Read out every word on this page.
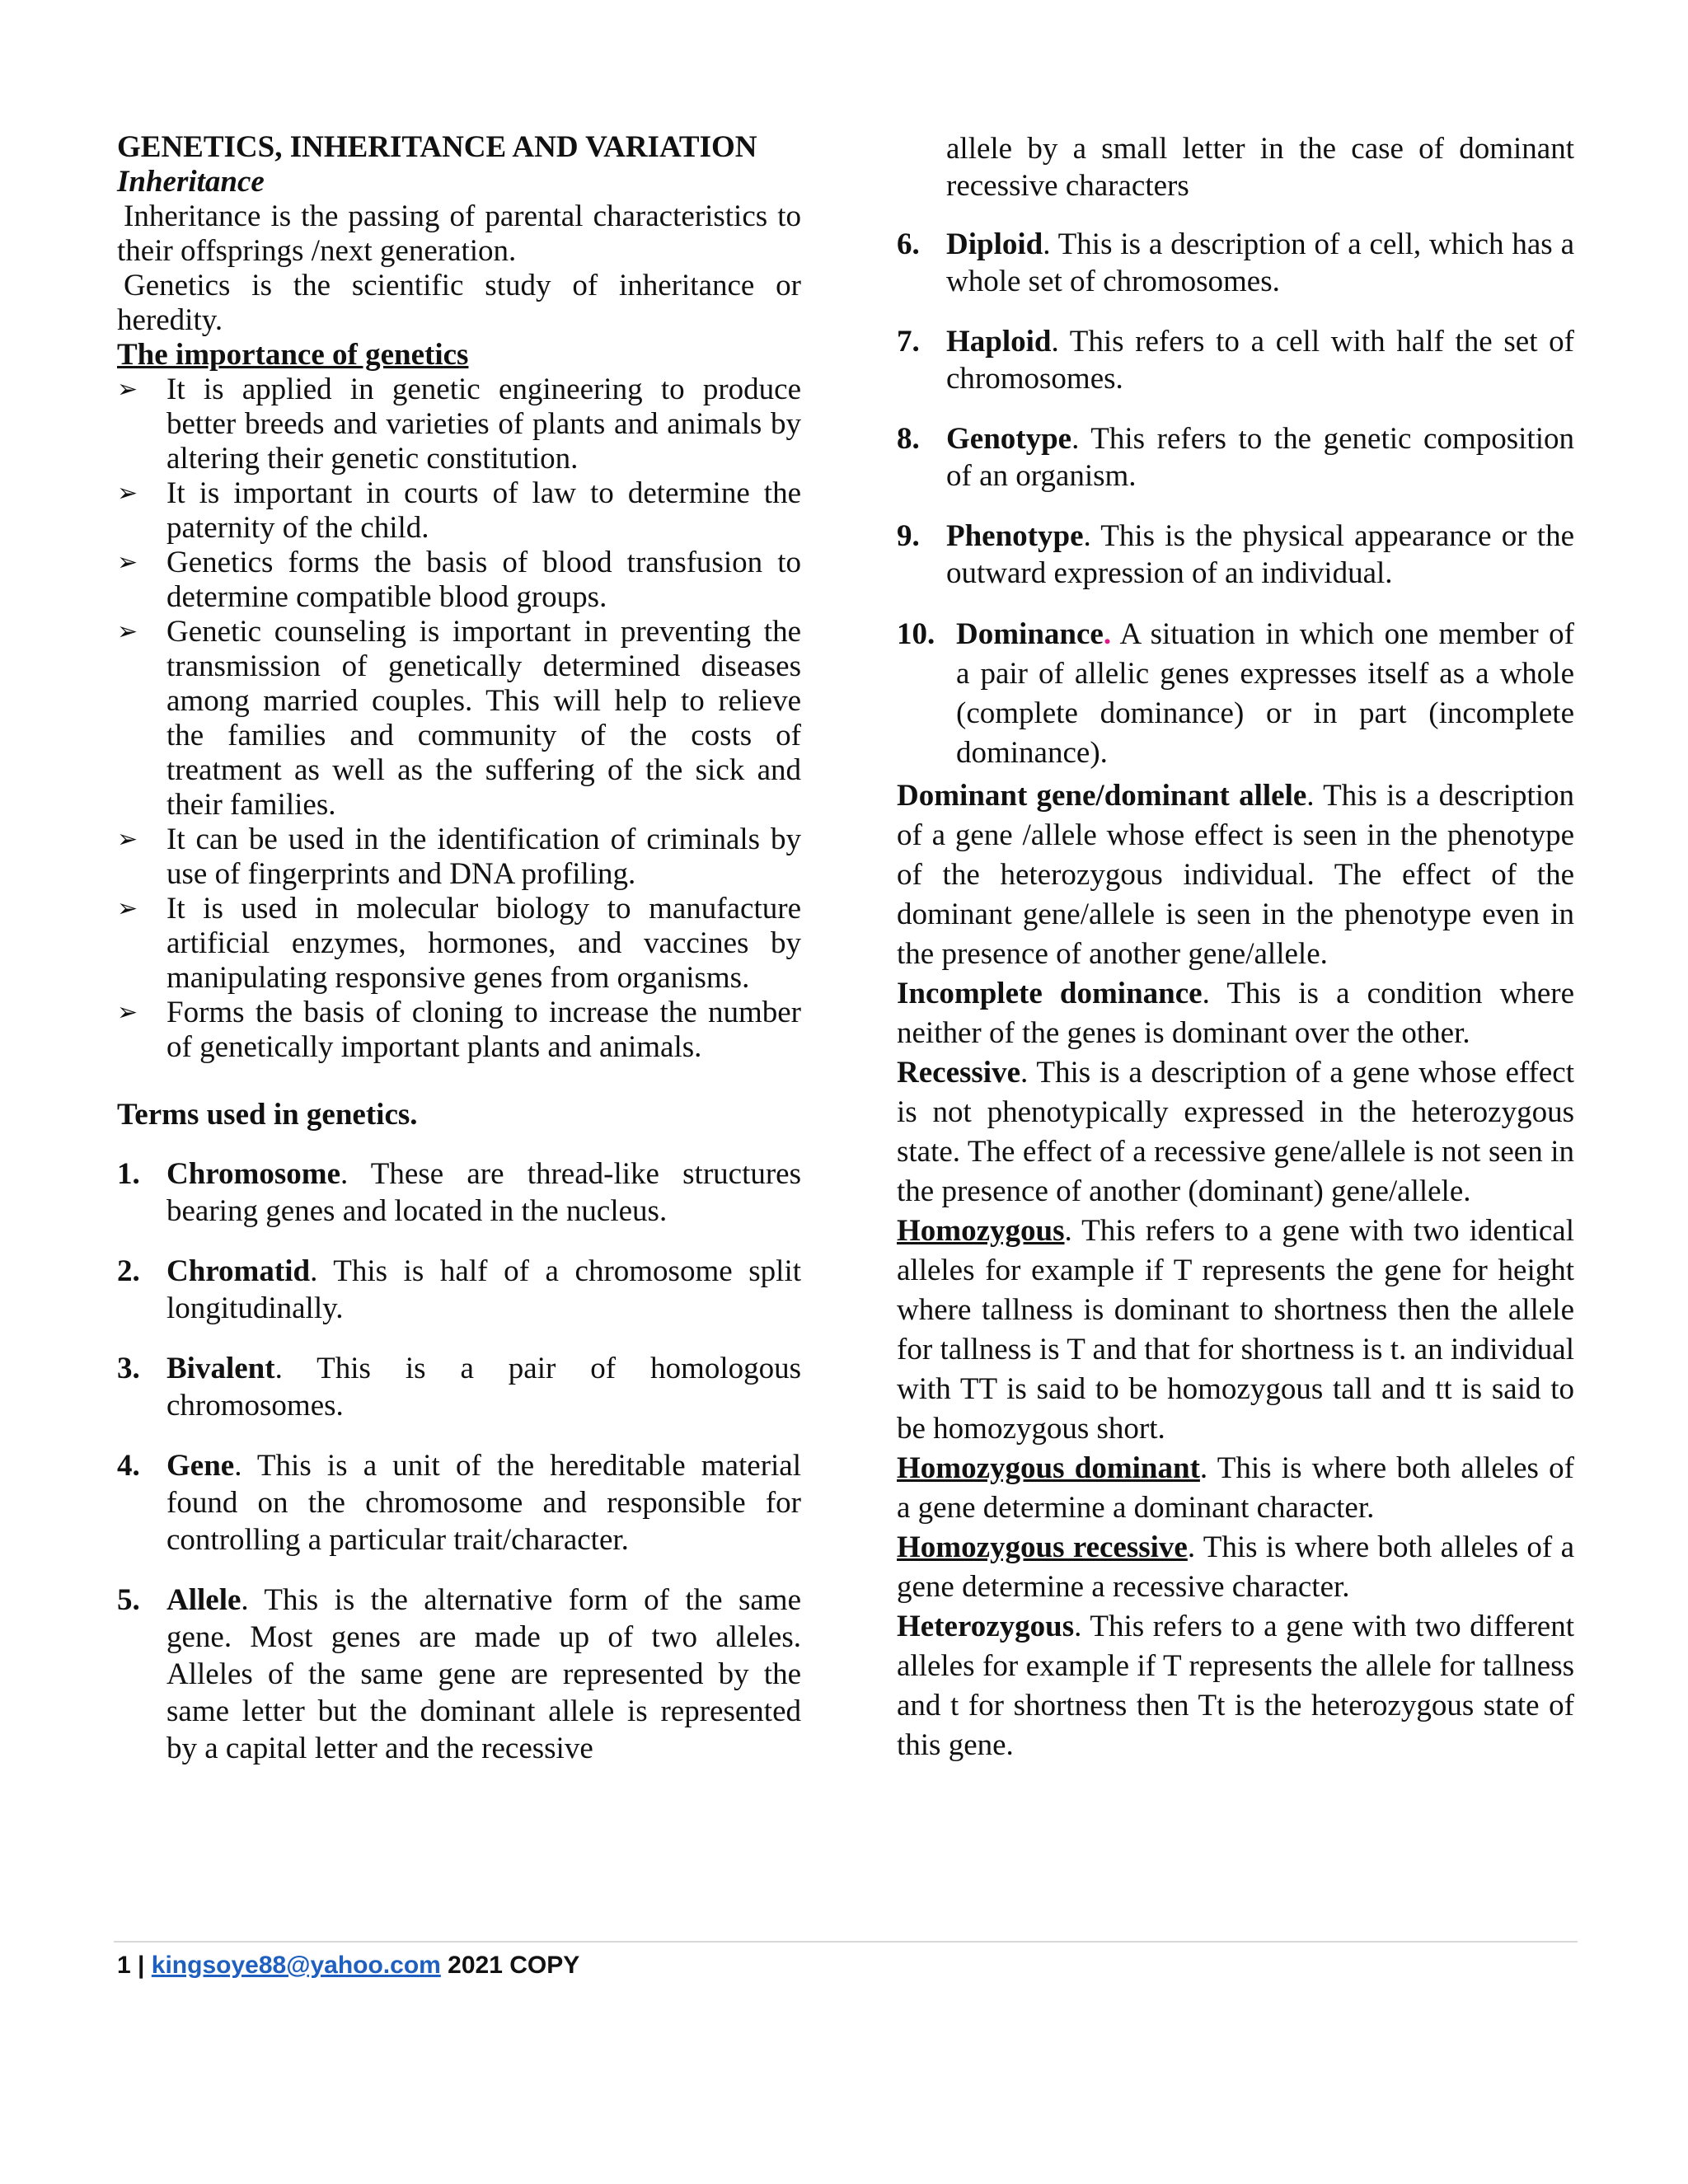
GENETICS, INHERITANCE AND VARIATION
Inheritance

Inheritance is the passing of parental characteristics to their offsprings /next generation.

Genetics is the scientific study of inheritance or heredity.

The importance of genetics
➢ It is applied in genetic engineering to produce better breeds and varieties of plants and animals by altering their genetic constitution.
➢ It is important in courts of law to determine the paternity of the child.
➢ Genetics forms the basis of blood transfusion to determine compatible blood groups.
➢ Genetic counseling is important in preventing the transmission of genetically determined diseases among married couples. This will help to relieve the families and community of the costs of treatment as well as the suffering of the sick and their families.
➢ It can be used in the identification of criminals by use of fingerprints and DNA profiling.
➢ It is used in molecular biology to manufacture artificial enzymes, hormones, and vaccines by manipulating responsive genes from organisms.
➢ Forms the basis of cloning to increase the number of genetically important plants and animals.
Terms used in genetics.
1. Chromosome. These are thread-like structures bearing genes and located in the nucleus.
2. Chromatid. This is half of a chromosome split longitudinally.
3. Bivalent. This is a pair of homologous chromosomes.
4. Gene. This is a unit of the hereditable material found on the chromosome and responsible for controlling a particular trait/character.
5. Allele. This is the alternative form of the same gene. Most genes are made up of two alleles. Alleles of the same gene are represented by the same letter but the dominant allele is represented by a capital letter and the recessive
allele by a small letter in the case of dominant recessive characters
6. Diploid. This is a description of a cell, which has a whole set of chromosomes.
7. Haploid. This refers to a cell with half the set of chromosomes.
8. Genotype. This refers to the genetic composition of an organism.
9. Phenotype. This is the physical appearance or the outward expression of an individual.
10. Dominance. A situation in which one member of a pair of allelic genes expresses itself as a whole (complete dominance) or in part (incomplete dominance).

Dominant gene/dominant allele. This is a description of a gene /allele whose effect is seen in the phenotype of the heterozygous individual. The effect of the dominant gene/allele is seen in the phenotype even in the presence of another gene/allele.

Incomplete dominance. This is a condition where neither of the genes is dominant over the other.

Recessive. This is a description of a gene whose effect is not phenotypically expressed in the heterozygous state. The effect of a recessive gene/allele is not seen in the presence of another (dominant) gene/allele.

Homozygous. This refers to a gene with two identical alleles for example if T represents the gene for height where tallness is dominant to shortness then the allele for tallness is T and that for shortness is t. an individual with TT is said to be homozygous tall and tt is said to be homozygous short.

Homozygous dominant. This is where both alleles of a gene determine a dominant character.

Homozygous recessive. This is where both alleles of a gene determine a recessive character.

Heterozygous. This refers to a gene with two different alleles for example if T represents the allele for tallness and t for shortness then Tt is the heterozygous state of this gene.

1 | kingsoye88@yahoo.com 2021 COPY
